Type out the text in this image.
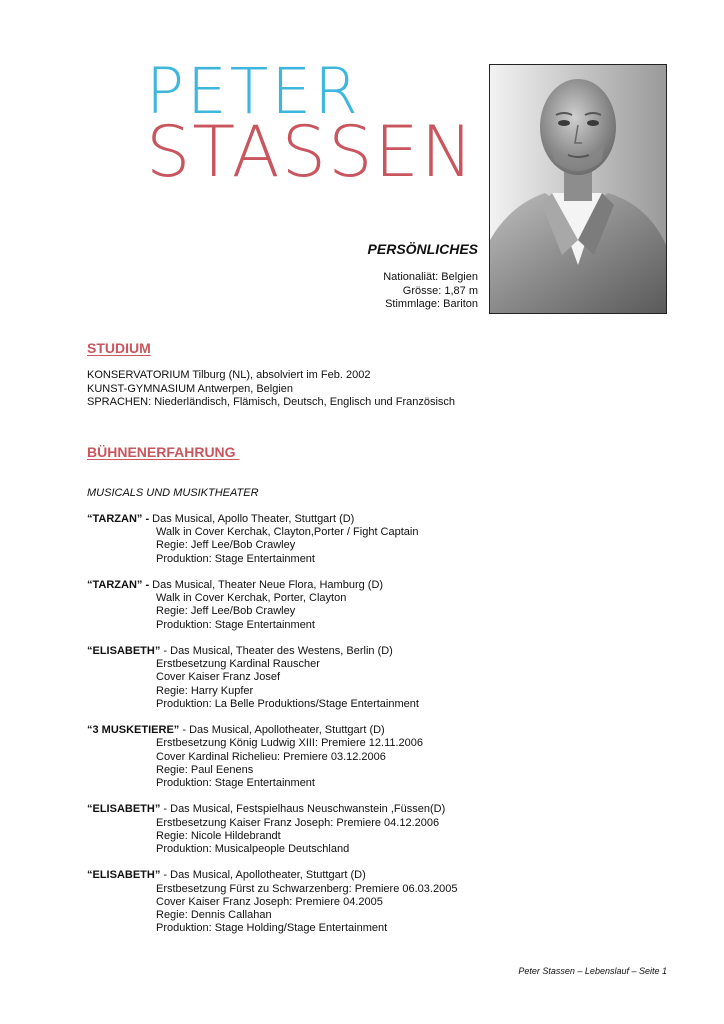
PETER
STASSEN
PERSÖNLICHES
Nationaliät: Belgien
Grösse: 1,87 m
Stimmlage: Bariton
STUDIUM
KONSERVATORIUM Tilburg (NL), absolviert im Feb. 2002
KUNST-GYMNASIUM Antwerpen, Belgien
SPRACHEN: Niederländisch, Flämisch, Deutsch, Englisch und Französisch
BÜHNENERFAHRUNG
MUSICALS UND MUSIKTHEATER
“TARZAN” - Das Musical, Apollo Theater, Stuttgart (D)
Walk in Cover Kerchak, Clayton,Porter / Fight Captain
Regie: Jeff Lee/Bob Crawley
Produktion: Stage Entertainment
“TARZAN” - Das Musical, Theater Neue Flora, Hamburg (D)
Walk in Cover Kerchak, Porter, Clayton
Regie: Jeff Lee/Bob Crawley
Produktion: Stage Entertainment
“ELISABETH” - Das Musical, Theater des Westens, Berlin (D)
Erstbesetzung Kardinal Rauscher
Cover Kaiser Franz Josef
Regie: Harry Kupfer
Produktion: La Belle Produktions/Stage Entertainment
“3 MUSKETIERE” - Das Musical, Apollotheater, Stuttgart (D)
Erstbesetzung König Ludwig XIII: Premiere 12.11.2006
Cover Kardinal Richelieu: Premiere 03.12.2006
Regie: Paul Eenens
Produktion: Stage Entertainment
“ELISABETH” - Das Musical, Festspielhaus Neuschwanstein ,Füssen(D)
Erstbesetzung Kaiser Franz Joseph: Premiere 04.12.2006
Regie: Nicole Hildebrandt
Produktion: Musicalpeople Deutschland
“ELISABETH” - Das Musical, Apollotheater, Stuttgart (D)
Erstbesetzung Fürst zu Schwarzenberg: Premiere 06.03.2005
Cover Kaiser Franz Joseph: Premiere 04.2005
Regie: Dennis Callahan
Produktion: Stage Holding/Stage Entertainment
Peter Stassen – Lebenslauf – Seite 1
